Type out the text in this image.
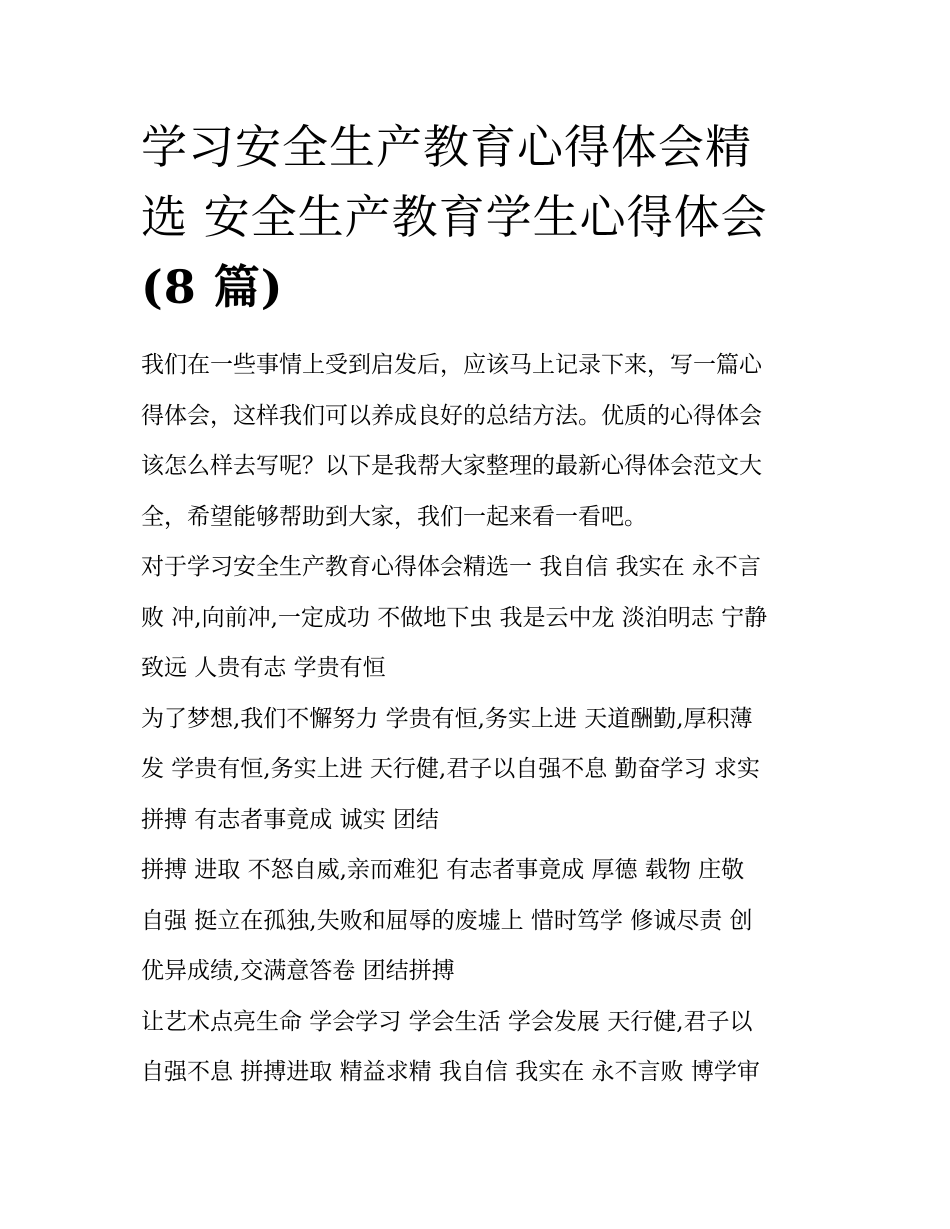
学习安全生产教育心得体会精
选 安全生产教育学生心得体会
(8 篇)

我们在一些事情上受到启发后，应该马上记录下来，写一篇心
得体会，这样我们可以养成良好的总结方法。优质的心得体会
该怎么样去写呢？以下是我帮大家整理的最新心得体会范文大
全，希望能够帮助到大家，我们一起来看一看吧。

对于学习安全生产教育心得体会精选一 我自信 我实在 永不言
败 冲,向前冲,一定成功 不做地下虫 我是云中龙 淡泊明志 宁静
致远 人贵有志 学贵有恒

为了梦想,我们不懈努力 学贵有恒,务实上进 天道酬勤,厚积薄
发 学贵有恒,务实上进 天行健,君子以自强不息 勤奋学习 求实
拼搏 有志者事竟成 诚实 团结

拼搏 进取 不怒自威,亲而难犯 有志者事竟成 厚德 载物 庄敬
自强 挺立在孤独,失败和屈辱的废墟上 惜时笃学 修诚尽责 创
优异成绩,交满意答卷 团结拼搏

让艺术点亮生命 学会学习 学会生活 学会发展 天行健,君子以
自强不息 拼搏进取 精益求精 我自信 我实在 永不言败 博学审
